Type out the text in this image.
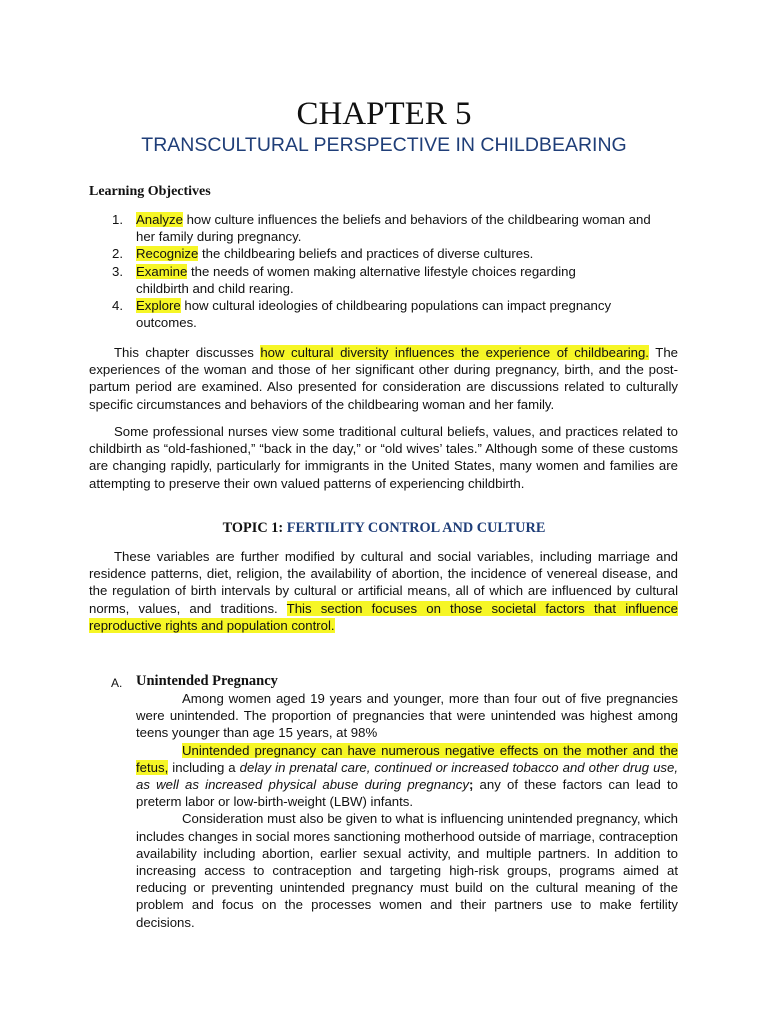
CHAPTER 5
TRANSCULTURAL PERSPECTIVE IN CHILDBEARING
Learning Objectives
1. Analyze how culture influences the beliefs and behaviors of the childbearing woman and her family during pregnancy.
2. Recognize the childbearing beliefs and practices of diverse cultures.
3. Examine the needs of women making alternative lifestyle choices regarding
childbirth and child rearing.
4. Explore how cultural ideologies of childbearing populations can impact pregnancy outcomes.

This chapter discusses how cultural diversity influences the experience of childbearing. The experiences of the woman and those of her significant other during pregnancy, birth, and the post-partum period are examined. Also presented for consideration are discussions related to culturally specific circumstances and behaviors of the childbearing woman and her family.

Some professional nurses view some traditional cultural beliefs, values, and practices related to childbirth as “old-fashioned,” “back in the day,” or “old wives’ tales.” Although some of these customs are changing rapidly, particularly for immigrants in the United States, many women and families are attempting to preserve their own valued patterns of experiencing childbirth.

TOPIC 1: FERTILITY CONTROL AND CULTURE

These variables are further modified by cultural and social variables, including marriage and residence patterns, diet, religion, the availability of abortion, the incidence of venereal disease, and the regulation of birth intervals by cultural or artificial means, all of which are influenced by cultural norms, values, and traditions. This section focuses on those societal factors that influence reproductive rights and population control.

A. Unintended Pregnancy

Among women aged 19 years and younger, more than four out of five pregnancies were unintended. The proportion of pregnancies that were unintended was highest among teens younger than age 15 years, at 98%

Unintended pregnancy can have numerous negative effects on the mother and the fetus, including a delay in prenatal care, continued or increased tobacco and other drug use, as well as increased physical abuse during pregnancy; any of these factors can lead to preterm labor or low-birth-weight (LBW) infants.

Consideration must also be given to what is influencing unintended pregnancy, which includes changes in social mores sanctioning motherhood outside of marriage, contraception availability including abortion, earlier sexual activity, and multiple partners. In addition to increasing access to contraception and targeting high-risk groups, programs aimed at reducing or preventing unintended pregnancy must build on the cultural meaning of the problem and focus on the processes women and their partners use to make fertility decisions.
